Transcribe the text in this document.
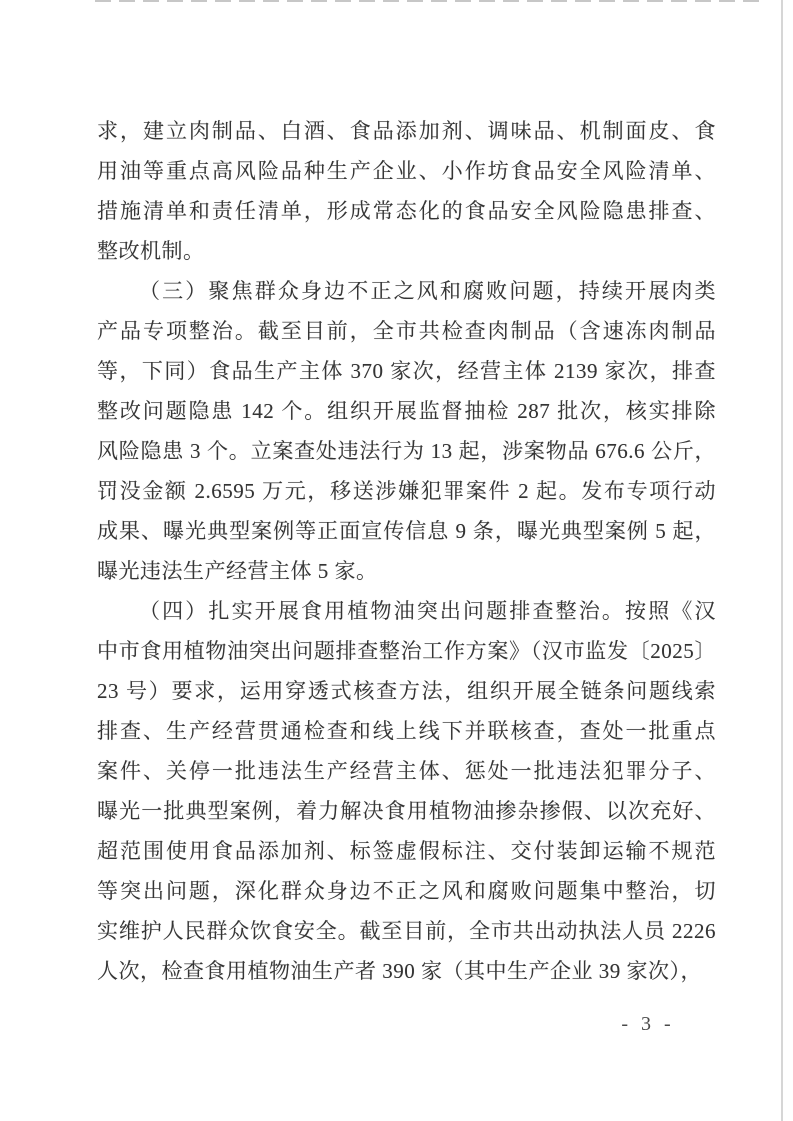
求，建立肉制品、白酒、食品添加剂、调味品、机制面皮、食
用油等重点高风险品种生产企业、小作坊食品安全风险清单、
措施清单和责任清单，形成常态化的食品安全风险隐患排查、
整改机制。
（三）聚焦群众身边不正之风和腐败问题，持续开展肉类
产品专项整治。截至目前，全市共检查肉制品（含速冻肉制品
等，下同）食品生产主体 370 家次，经营主体 2139 家次，排查
整改问题隐患 142 个。组织开展监督抽检 287 批次，核实排除
风险隐患 3 个。立案查处违法行为 13 起，涉案物品 676.6 公斤，
罚没金额 2.6595 万元，移送涉嫌犯罪案件 2 起。发布专项行动
成果、曝光典型案例等正面宣传信息 9 条，曝光典型案例 5 起，
曝光违法生产经营主体 5 家。
（四）扎实开展食用植物油突出问题排查整治。按照《汉
中市食用植物油突出问题排查整治工作方案》（汉市监发〔2025〕
23 号）要求，运用穿透式核查方法，组织开展全链条问题线索
排查、生产经营贯通检查和线上线下并联核查，查处一批重点
案件、关停一批违法生产经营主体、惩处一批违法犯罪分子、
曝光一批典型案例，着力解决食用植物油掺杂掺假、以次充好、
超范围使用食品添加剂、标签虚假标注、交付装卸运输不规范
等突出问题，深化群众身边不正之风和腐败问题集中整治，切
实维护人民群众饮食安全。截至目前，全市共出动执法人员 2226
人次，检查食用植物油生产者 390 家（其中生产企业 39 家次），
- 3 -
